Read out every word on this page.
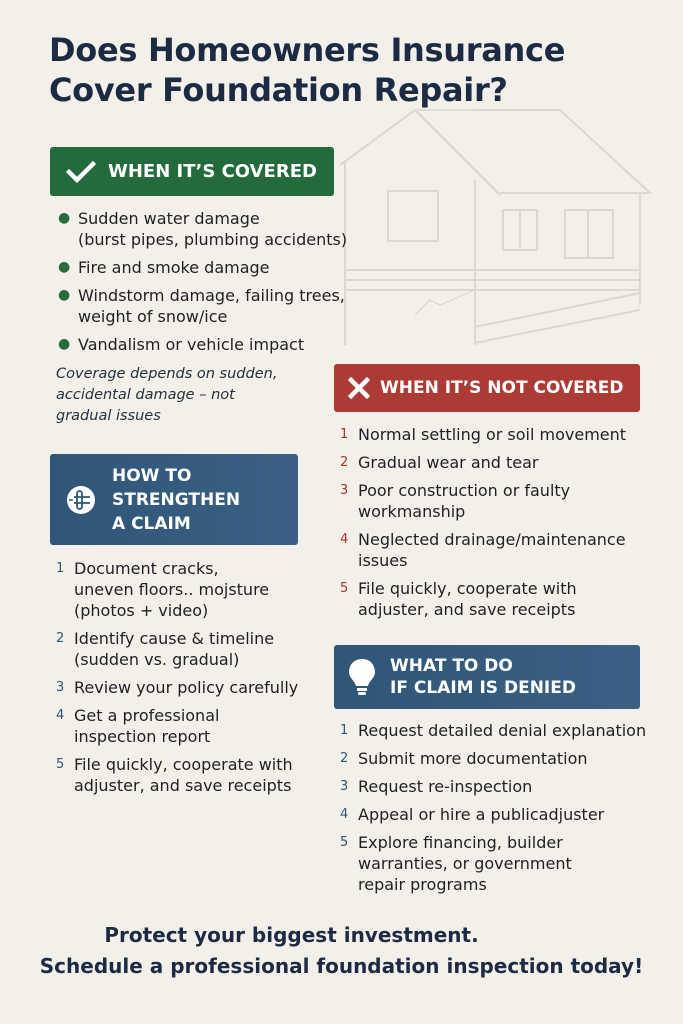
Does Homeowners Insurance
Cover Foundation Repair?
WHEN IT’S COVERED
● Sudden water damage
(burst pipes, plumbing accidents)
● Fire and smoke damage
● Windstorm damage, failing trees,
weight of snow/ice
● Vandalism or vehicle impact
Coverage depends on sudden,
accidental damage – not
gradual issues
WHEN IT’S NOT COVERED
1 Normal settling or soil movement
2 Gradual wear and tear
3 Poor construction or faulty
workmanship
4 Neglected drainage/maintenance
issues
5 File quickly, cooperate with
adjuster, and save receipts
HOW TO
STRENGTHEN
A CLAIM
1 Document cracks,
uneven floors.. mojsture
(photos + video)
2 Identify cause & timeline
(sudden vs. gradual)
3 Review your policy carefully
4 Get a professional
inspection report
5 File quickly, cooperate with
adjuster, and save receipts
WHAT TO DO
IF CLAIM IS DENIED
1 Request detailed denial explanation
2 Submit more documentation
3 Request re-inspection
4 Appeal or hire a publicadjuster
5 Explore financing, builder
warranties, or government
repair programs
Protect your biggest investment.
Schedule a professional foundation inspection today!
